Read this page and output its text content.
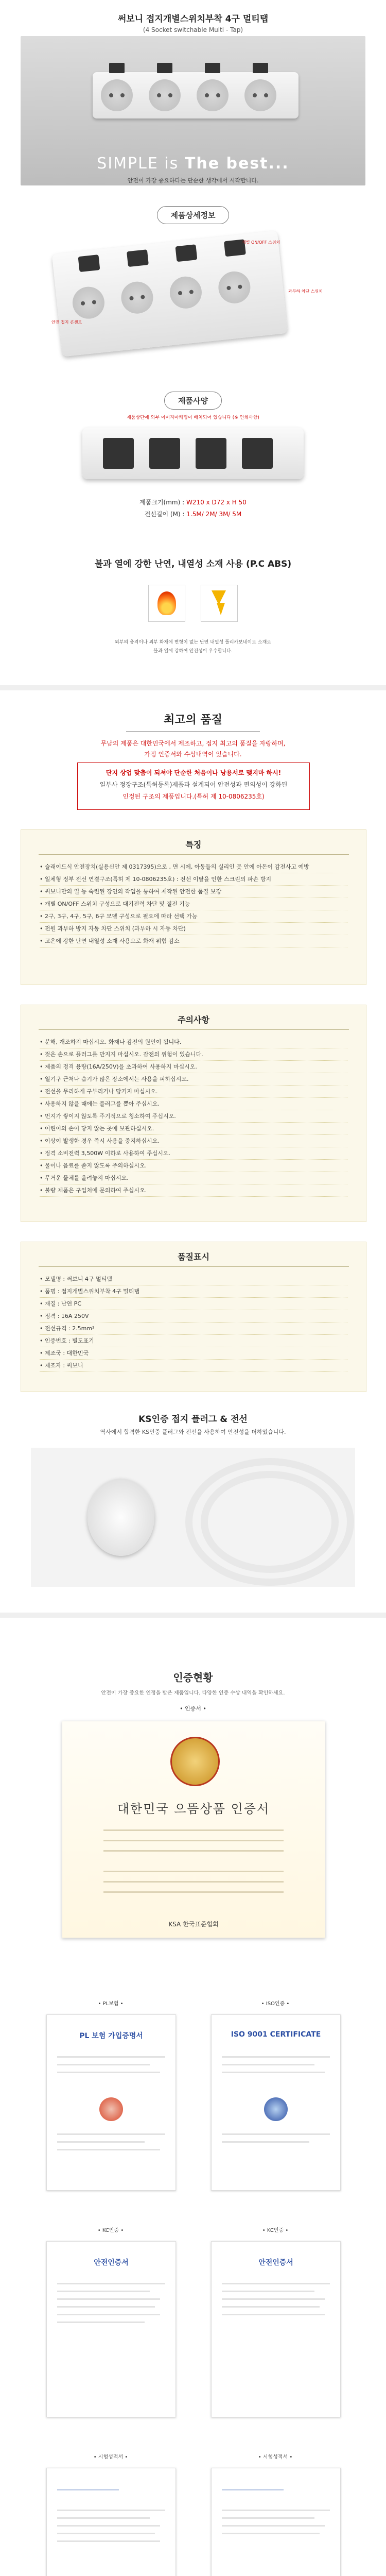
써보니 접지개별스위치부착 4구 멀티탭
(4 Socket switchable Multi - Tap)
SIMPLE is The best...
안전이 가장 중요하다는 단순한 생각에서 시작합니다.
제품상세정보
개별 ON/OFF 스위치
안전 접지 콘센트
과부하 차단 스위치
제품사양
제품상단에 외부 이미지마케팅이 배치되어 있습니다 (※ 인쇄사항)
제품크기(mm) : W210 x D72 x H 50
전선길이 (M) : 1.5M/ 2M/ 3M/ 5M
불과 열에 강한 난연, 내열성 소재 사용 (P.C ABS)

외부의 충격이나 외부 화재에 변형이 없는 난연 내열성 폴리카보네이트 소재로
불과 열에 강하여 안전성이 우수합니다.
최고의 품질
무남의 제품은 대한민국에서 제조하고, 접지 최고의 품질을 자랑하며,
가정 인증서와 수상내역이 있습니다.
단지 상업 맞춤이 되셔야 단순한 처음이나 낭용서로 맺지마 하시!
일부사 정장구조(특허등록)제품과 설계되어 안전성과 편의성이 강화된
인정된 구조의 제품입니다.(특허 제 10-0806235호)
특징
• 슬래이드식 안전장치(실용신안 제 0317395)으로 , 면 시에, 아동들의 실리인 못 안에 아돈이 감전사고 예방
• 일체형 정부 전선 연결구조(특허 제 10-0806235호) : 전선 이탈을 인한 스크린의 파손 방지
• 써보니만의 일 등 숙련된 장인의 작업을 통하여 제작된 안전한 품질 보장
• 개별 ON/OFF 스위치 구성으로 대기전력 차단 및 절전 기능
• 2구, 3구, 4구, 5구, 6구 모델 구성으로 필요에 따라 선택 가능
• 전원 과부하 방지 자동 차단 스위치 (과부하 시 자동 차단)
• 고온에 강한 난연 내열성 소재 사용으로 화재 위험 감소
주의사항
• 분해, 개조하지 마십시오. 화재나 감전의 원인이 됩니다.
• 젖은 손으로 플러그를 만지지 마십시오. 감전의 위험이 있습니다.
• 제품의 정격 용량(16A/250V)을 초과하여 사용하지 마십시오.
• 열기구 근처나 습기가 많은 장소에서는 사용을 피하십시오.
• 전선을 무리하게 구부리거나 당기지 마십시오.
• 사용하지 않을 때에는 플러그를 뽑아 주십시오.
• 먼지가 쌓이지 않도록 주기적으로 청소하여 주십시오.
• 어린이의 손이 닿지 않는 곳에 보관하십시오.
• 이상이 발생한 경우 즉시 사용을 중지하십시오.
• 정격 소비전력 3,500W 이하로 사용하여 주십시오.
• 물이나 음료를 쏟지 않도록 주의하십시오.
• 무거운 물체를 올려놓지 마십시오.
• 불량 제품은 구입처에 문의하여 주십시오.
품질표시
• 모델명 : 써보니 4구 멀티탭
• 품명 : 접지개별스위치부착 4구 멀티탭
• 재질 : 난연 PC
• 정격 : 16A 250V
• 전선규격 : 2.5mm²
• 인증번호 : 별도표기
• 제조국 : 대한민국
• 제조자 : 써보니
KS인증 접지 플러그 & 전선
역사에서 합격한 KS인증 플러그와 전선을 사용하여 안전성을 더하였습니다.
인증현황
안전이 가장 중요한 인정을 받은 제품입니다. 다양한 인증 수상 내역을 확인하세요.
• 인증서 •
대한민국 으뜸상품 인증서
KSA 한국표준협회
• PL보험 •	• ISO인증 •
PL 보험 가입증명서	ISO 9001 CERTIFICATE
• KC인증 •	• KC인증 •
안전인증서	안전인증서
• 시험성적서 •	• 시험성적서 •
